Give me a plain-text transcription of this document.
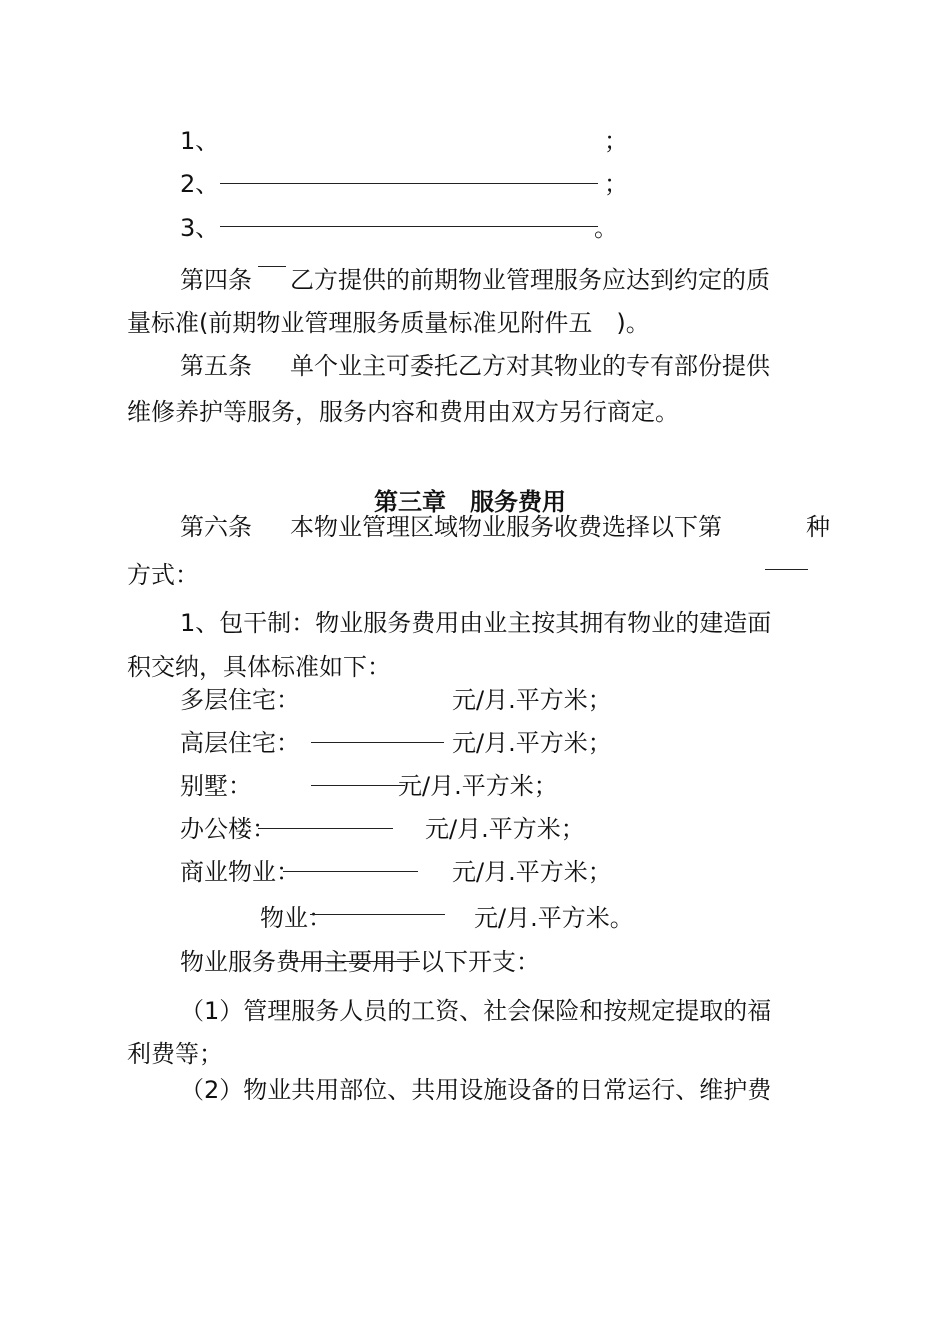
1、	；
2、	；
3、	。
第四条 乙方提供的前期物业管理服务应达到约定的质
量标准(前期物业管理服务质量标准见附件五　)。
第五条 单个业主可委托乙方对其物业的专有部份提供
维修养护等服务，服务内容和费用由双方另行商定。
第三章　服务费用
第六条 本物业管理区域物业服务收费选择以下第	种
方式：
1、包干制：物业服务费用由业主按其拥有物业的建造面
积交纳，具体标准如下：
多层住宅：	元/月.平方米；
高层住宅：	元/月.平方米；
别墅：	元/月.平方米；
办公楼：	元/月.平方米；
商业物业：	元/月.平方米；
物业：	元/月.平方米。
物业服务费用主要用于以下开支：
（1）管理服务人员的工资、社会保险和按规定提取的福
利费等；
（2）物业共用部位、共用设施设备的日常运行、维护费
